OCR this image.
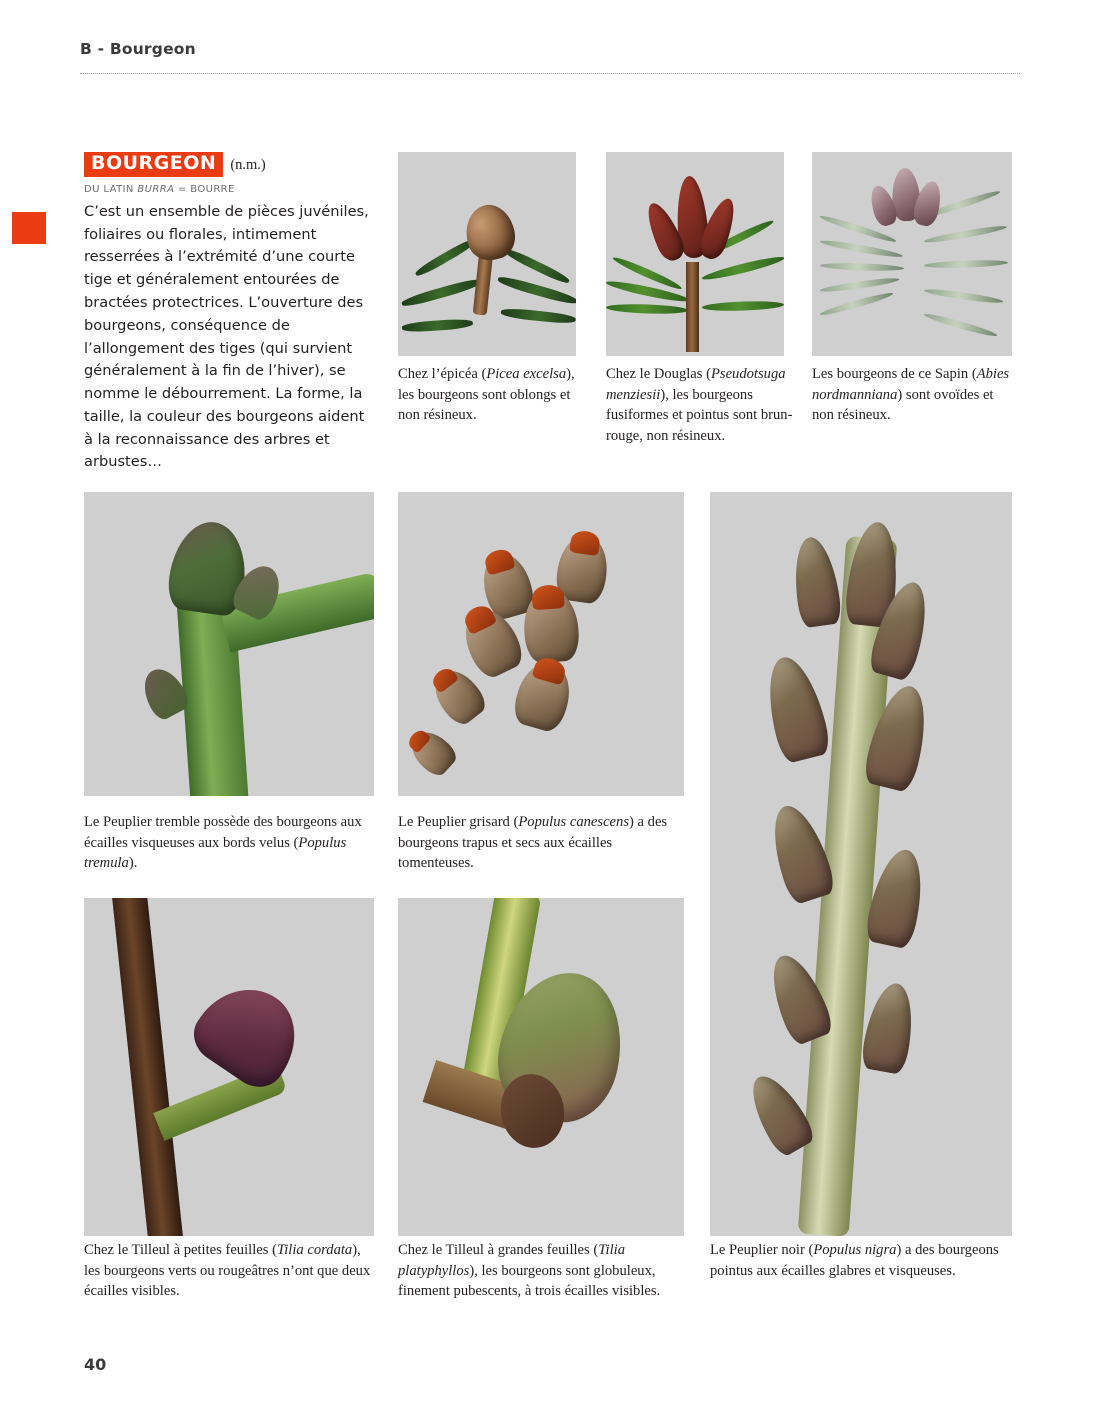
B - Bourgeon
BOURGEON (n.m.)
DU LATIN BURRA = BOURRE
C’est un ensemble de pièces juvéniles, foliaires ou florales, intimement resserrées à l’extrémité d’une courte tige et généralement entourées de bractées protectrices. L’ouverture des bourgeons, conséquence de l’allongement des tiges (qui survient généralement à la fin de l’hiver), se nomme le débourrement. La forme, la taille, la couleur des bourgeons aident à la reconnaissance des arbres et arbustes…
Chez l’épicéa (Picea excelsa), les bourgeons sont oblongs et non résineux.
Chez le Douglas (Pseudotsuga menziesii), les bourgeons fusiformes et pointus sont brun-rouge, non résineux.
Les bourgeons de ce Sapin (Abies nordmanniana) sont ovoïdes et non résineux.
Le Peuplier tremble possède des bourgeons aux écailles visqueuses aux bords velus (Populus tremula).
Le Peuplier grisard (Populus canescens) a des bourgeons trapus et secs aux écailles tomenteuses.
Le Peuplier noir (Populus nigra) a des bourgeons pointus aux écailles glabres et visqueuses.
Chez le Tilleul à petites feuilles (Tilia cordata), les bourgeons verts ou rougeâtres n’ont que deux écailles visibles.
Chez le Tilleul à grandes feuilles (Tilia platyphyllos), les bourgeons sont globuleux, finement pubescents, à trois écailles visibles.
40
